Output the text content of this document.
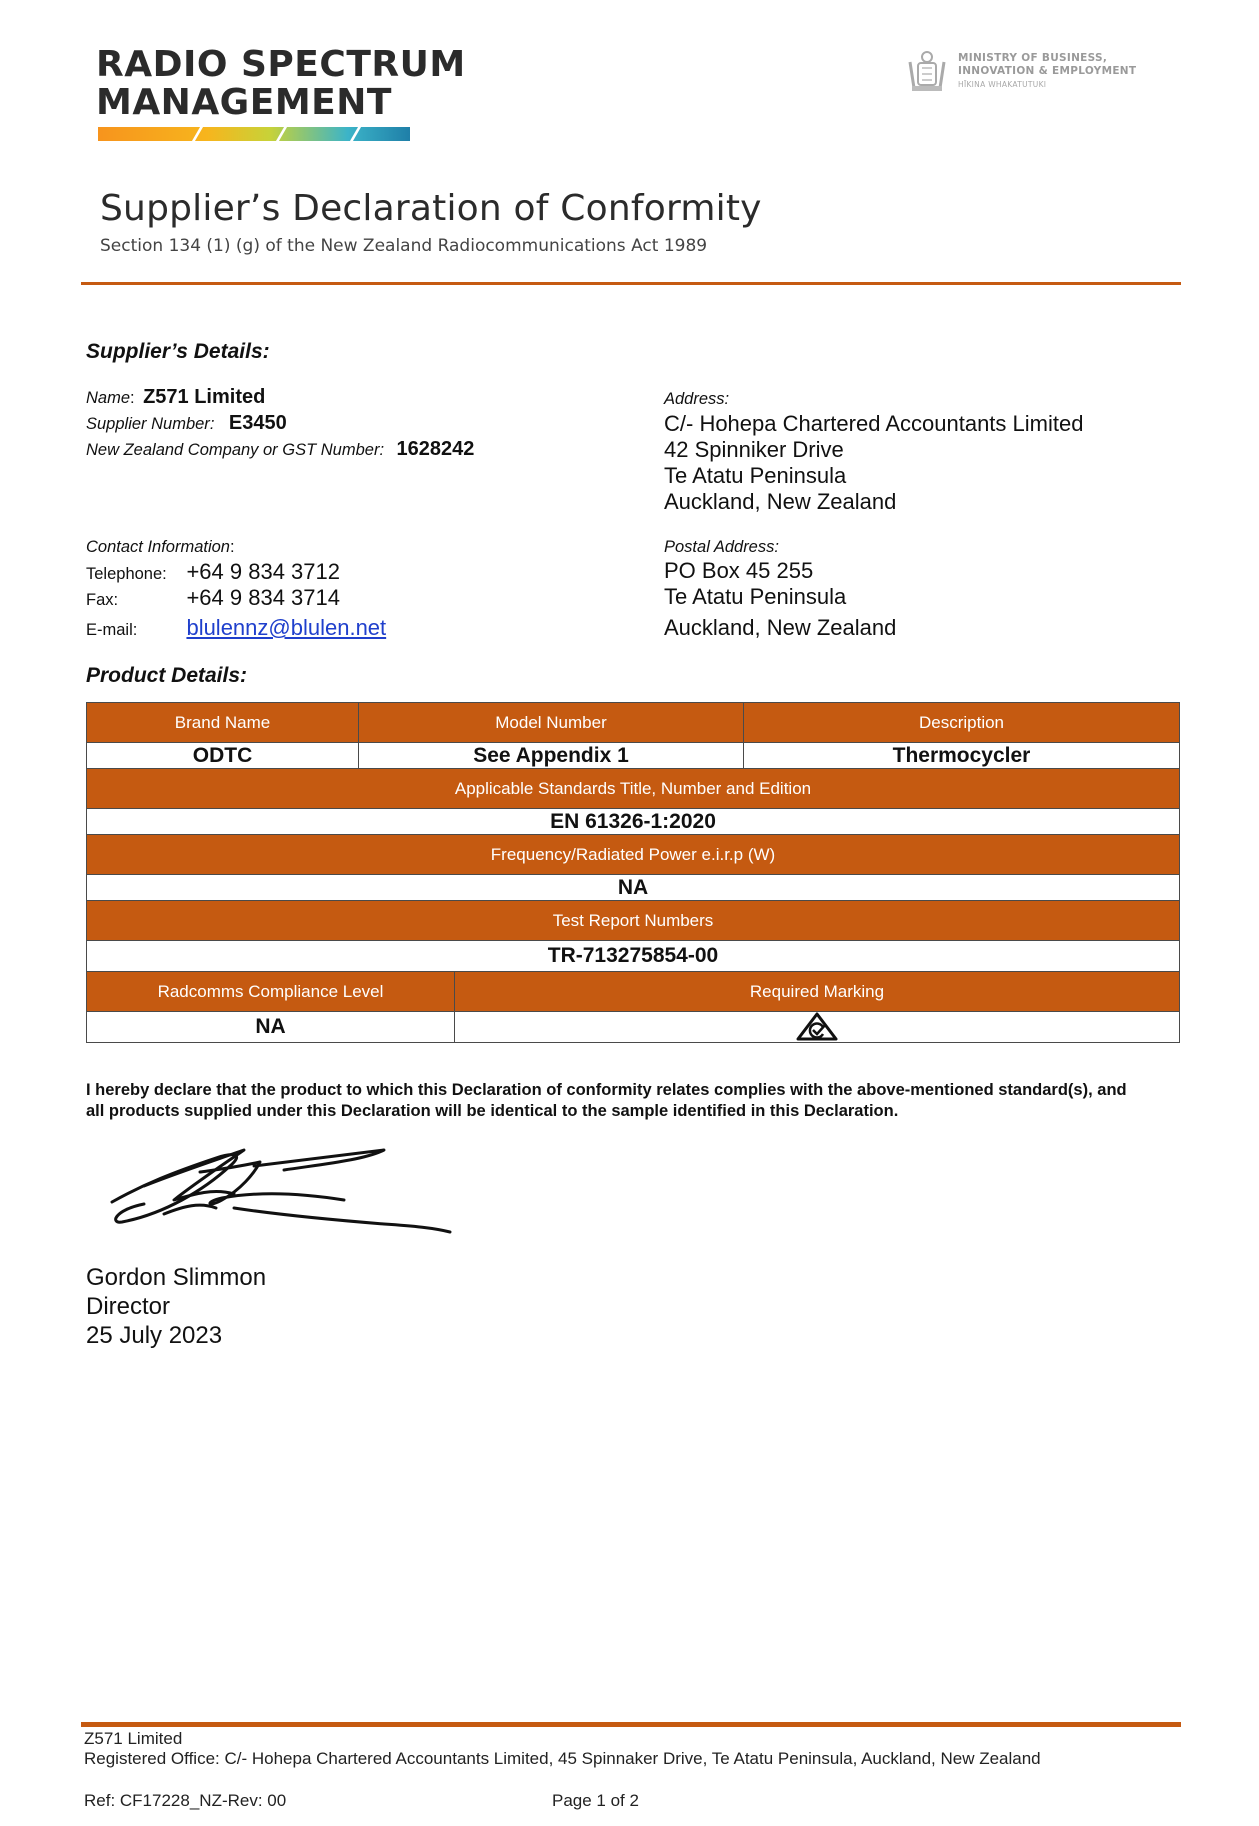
RADIO SPECTRUM
MANAGEMENT
MINISTRY OF BUSINESS,
INNOVATION & EMPLOYMENT
HĪKINA WHAKATUTUKI
Supplier’s Declaration of Conformity
Section 134 (1) (g) of the New Zealand Radiocommunications Act 1989
Supplier’s Details:
Name: Z571 Limited
Supplier Number: E3450
New Zealand Company or GST Number: 1628242
Address:
C/- Hohepa Chartered Accountants Limited
42 Spinniker Drive
Te Atatu Peninsula
Auckland, New Zealand
Contact Information:
Telephone: +64 9 834 3712
Fax:	+64 9 834 3714
E-mail: blulennz@blulen.net
Postal Address:
PO Box 45 255
Te Atatu Peninsula
Auckland, New Zealand
Product Details:
Brand Name	Model Number		Description
ODTC	See Appendix 1		Thermocycler
Applicable Standards Title, Number and Edition			
EN 61326-1:2020			
Frequency/Radiated Power e.i.r.p (W)			
NA			
Test Report Numbers			
TR-713275854-00			
Radcomms Compliance Level		Required Marking	
NA	
I hereby declare that the product to which this Declaration of conformity relates complies with the above-mentioned standard(s), and all products supplied under this Declaration will be identical to the sample identified in this Declaration.
Gordon Slimmon
Director
25 July 2023
Z571 Limited
Registered Office: C/- Hohepa Chartered Accountants Limited, 45 Spinnaker Drive, Te Atatu Peninsula, Auckland, New Zealand
Ref: CF17228_NZ-Rev: 00	Page 1 of 2
